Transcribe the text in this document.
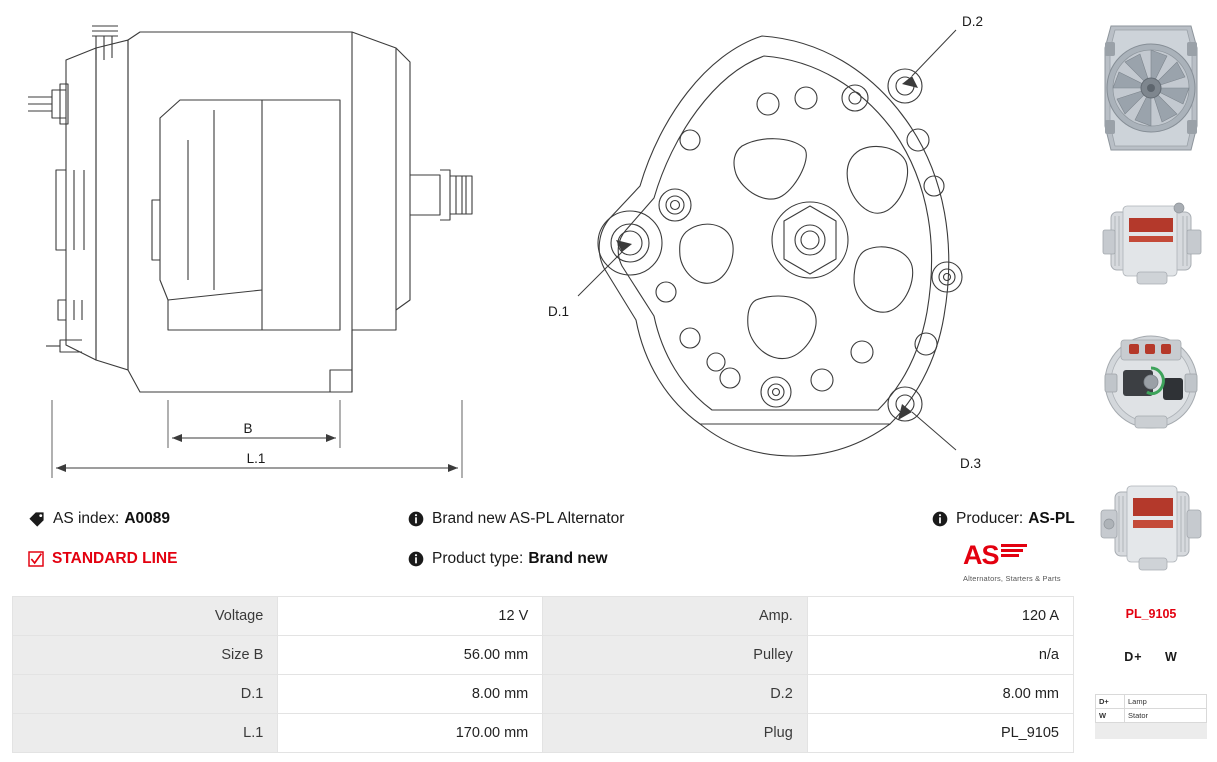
D.2
D.1
D.3
B
L.1
AS index: A0089
STANDARD LINE
Brand new AS-PL Alternator
Product type: Brand new
Producer: AS-PL
AS
Alternators, Starters & Parts
Voltage	12 V	Amp.	120 A
Size B	56.00 mm	Pulley	n/a
D.1	8.00 mm	D.2	8.00 mm
L.1	170.00 mm	Plug	PL_9105
PL_9105
D+ W
D+	Lamp
W	Stator
